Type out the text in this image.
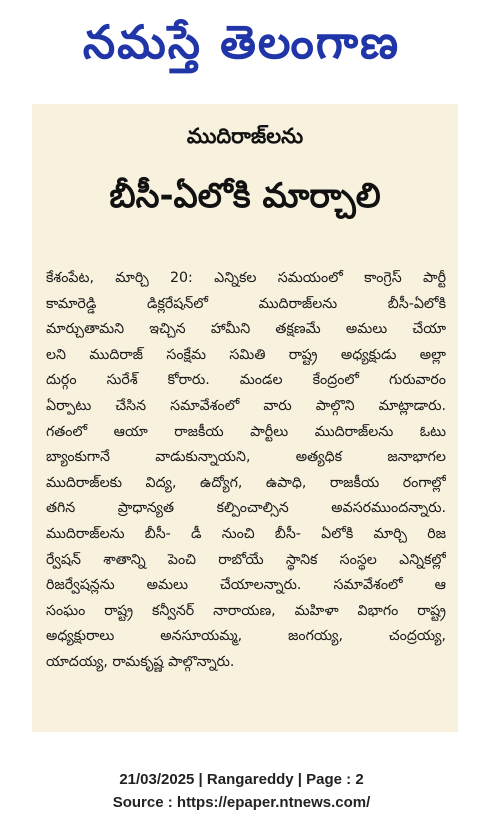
నమస్తే తెలంగాణ
ముదిరాజ్‌లను
బీసీ-ఏలోకి మార్చాలి
కేశంపేట, మార్చి 20: ఎన్నికల సమయంలో కాంగ్రెస్ పార్టీ
కామారెడ్డి డిక్లరేషన్‌లో ముదిరాజ్‌లను బీసీ-ఏలోకి
మార్చుతామని ఇచ్చిన హామీని తక్షణమే అమలు చేయా
లని ముదిరాజ్ సంక్షేమ సమితి రాష్ట్ర అధ్యక్షుడు అల్లా
దుర్గం సురేశ్ కోరారు. మండల కేంద్రంలో గురువారం
ఏర్పాటు చేసిన సమావేశంలో వారు పాల్గొని మాట్లాడారు.
గతంలో ఆయా రాజకీయ పార్టీలు ముదిరాజ్‌లను ఓటు
బ్యాంకుగానే వాడుకున్నాయని, అత్యధిక జనాభాగల
ముదిరాజ్‌లకు విద్య, ఉద్యోగ, ఉపాధి, రాజకీయ రంగాల్లో
తగిన ప్రాధాన్యత కల్పించాల్సిన అవసరముందన్నారు.
ముదిరాజ్‌లను బీసీ- డీ నుంచి బీసీ- ఏలోకి మార్చి రిజ
ర్వేషన్ శాతాన్ని పెంచి రాబోయే స్థానిక సంస్థల ఎన్నికల్లో
రిజర్వేషన్లను అమలు చేయాలన్నారు. సమావేశంలో ఆ
సంఘం రాష్ట్ర కన్వీనర్ నారాయణ, మహిళా విభాగం రాష్ట్ర
అధ్యక్షురాలు అనసూయమ్మ, జంగయ్య, చంద్రయ్య,
యాదయ్య, రామకృష్ణ పాల్గొన్నారు.
21/03/2025 | Rangareddy | Page : 2
Source : https://epaper.ntnews.com/
